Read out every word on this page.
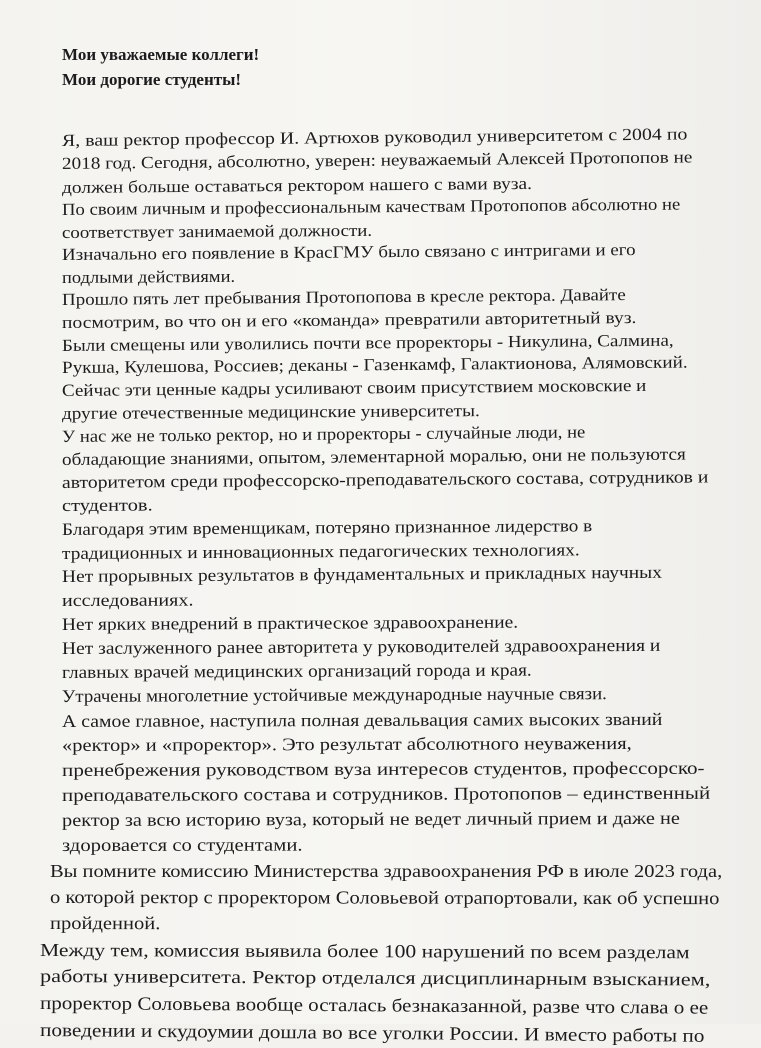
Мои уважаемые коллеги!
Мои дорогие студенты!
Я, ваш ректор профессор И. Артюхов руководил университетом с 2004 по
2018 год. Сегодня, абсолютно, уверен: неуважаемый Алексей Протопопов не
должен больше оставаться ректором нашего с вами вуза.
По своим личным и профессиональным качествам Протопопов абсолютно не
соответствует занимаемой должности.
Изначально его появление в КрасГМУ было связано с интригами и его
подлыми действиями.
Прошло пять лет пребывания Протопопова в кресле ректора. Давайте
посмотрим, во что он и его «команда» превратили авторитетный вуз.
Были смещены или уволились почти все проректоры - Никулина, Салмина,
Рукша, Кулешова, Россиев; деканы - Газенкамф, Галактионова, Алямовский.
Сейчас эти ценные кадры усиливают своим присутствием московские и
другие отечественные медицинские университеты.
У нас же не только ректор, но и проректоры - случайные люди, не
обладающие знаниями, опытом, элементарной моралью, они не пользуются
авторитетом среди профессорско-преподавательского состава, сотрудников и
студентов.
Благодаря этим временщикам, потеряно признанное лидерство в
традиционных и инновационных педагогических технологиях.
Нет прорывных результатов в фундаментальных и прикладных научных
исследованиях.
Нет ярких внедрений в практическое здравоохранение.
Нет заслуженного ранее авторитета у руководителей здравоохранения и
главных врачей медицинских организаций города и края.
Утрачены многолетние устойчивые международные научные связи.
А самое главное, наступила полная девальвация самих высоких званий
«ректор» и «проректор». Это результат абсолютного неуважения,
пренебрежения руководством вуза интересов студентов, профессорско-
преподавательского состава и сотрудников. Протопопов – единственный
ректор за всю историю вуза, который не ведет личный прием и даже не
здоровается со студентами.
Вы помните комиссию Министерства здравоохранения РФ в июле 2023 года,
о которой ректор с проректором Соловьевой отрапортовали, как об успешно
пройденной.
Между тем, комиссия выявила более 100 нарушений по всем разделам
работы университета. Ректор отделался дисциплинарным взысканием,
проректор Соловьева вообще осталась безнаказанной, разве что слава о ее
поведении и скудоумии дошла во все уголки России. И вместо работы по
